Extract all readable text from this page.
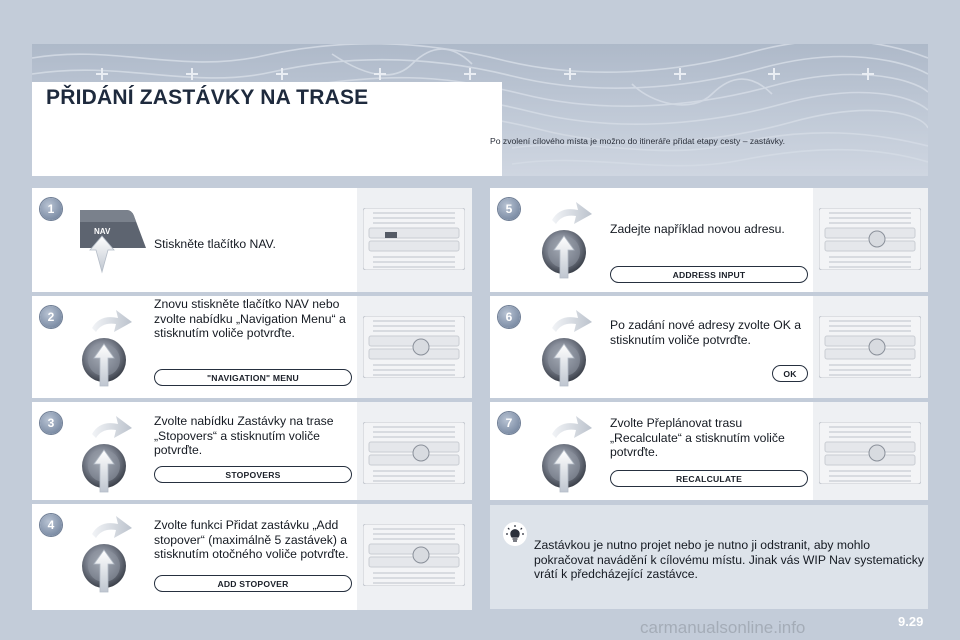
PŘIDÁNÍ ZASTÁVKY NA TRASE
Po zvolení cílového místa je možno do itineráře přidat etapy cesty – zastávky.
NAV
1
Stiskněte tlačítko NAV.
2
Znovu stiskněte tlačítko NAV nebo zvolte nabídku „Navigation Menu“ a stisknutím voliče potvrďte.
"NAVIGATION" MENU
3	Zvolte nabídku Zastávky na trase „Stopovers“ a stisknutím voliče potvrďte.
STOPOVERS
4	Zvolte funkci Přidat zastávku „Add stopover“ (maximálně 5 zastávek) a stisknutím otočného voliče potvrďte.
ADD STOPOVER
5
Zadejte například novou adresu.
ADDRESS INPUT
6
Po zadání nové adresy zvolte OK a stisknutím voliče potvrďte.
OK
7	Zvolte Přeplánovat trasu „Recalculate“ a stisknutím voliče potvrďte.
RECALCULATE
Zastávkou je nutno projet nebo je nutno ji odstranit, aby mohlo pokračovat navádění k cílovému místu. Jinak vás WIP Nav systematicky vrátí k předcházející zastávce.
carmanualsonline.info	9.29
